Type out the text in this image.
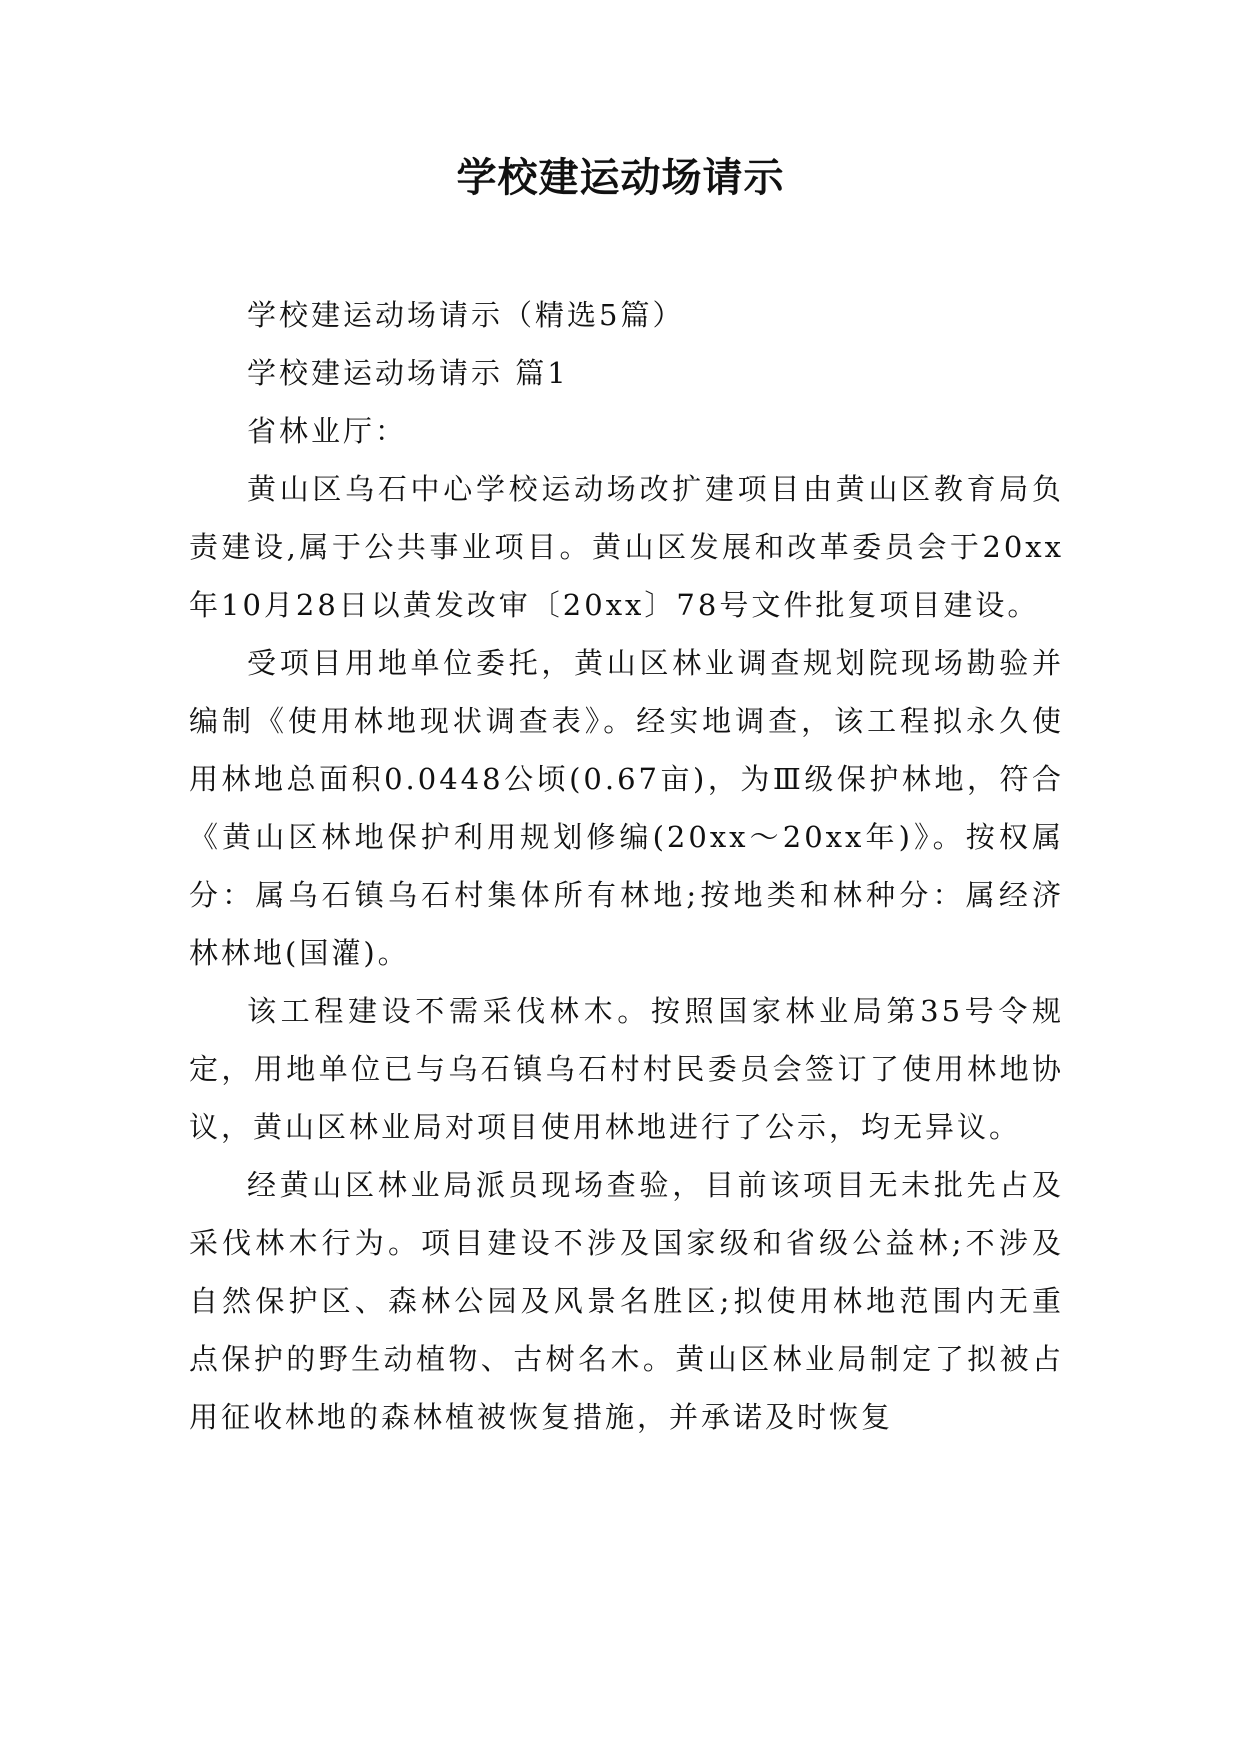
学校建运动场请示

学校建运动场请示（精选5篇）

学校建运动场请示 篇1

省林业厅：

黄山区乌石中心学校运动场改扩建项目由黄山区教育局负责建设,属于公共事业项目。黄山区发展和改革委员会于20xx年10月28日以黄发改审〔20xx〕78号文件批复项目建设。

受项目用地单位委托，黄山区林业调查规划院现场勘验并编制《使用林地现状调查表》。经实地调查，该工程拟永久使用林地总面积0.0448公顷(0.67亩)，为Ⅲ级保护林地，符合《黄山区林地保护利用规划修编(20xx～20xx年)》。按权属分：属乌石镇乌石村集体所有林地;按地类和林种分：属经济林林地(国灌)。

该工程建设不需采伐林木。按照国家林业局第35号令规定，用地单位已与乌石镇乌石村村民委员会签订了使用林地协议，黄山区林业局对项目使用林地进行了公示，均无异议。

经黄山区林业局派员现场查验，目前该项目无未批先占及采伐林木行为。项目建设不涉及国家级和省级公益林;不涉及自然保护区、森林公园及风景名胜区;拟使用林地范围内无重点保护的野生动植物、古树名木。黄山区林业局制定了拟被占用征收林地的森林植被恢复措施，并承诺及时恢复
